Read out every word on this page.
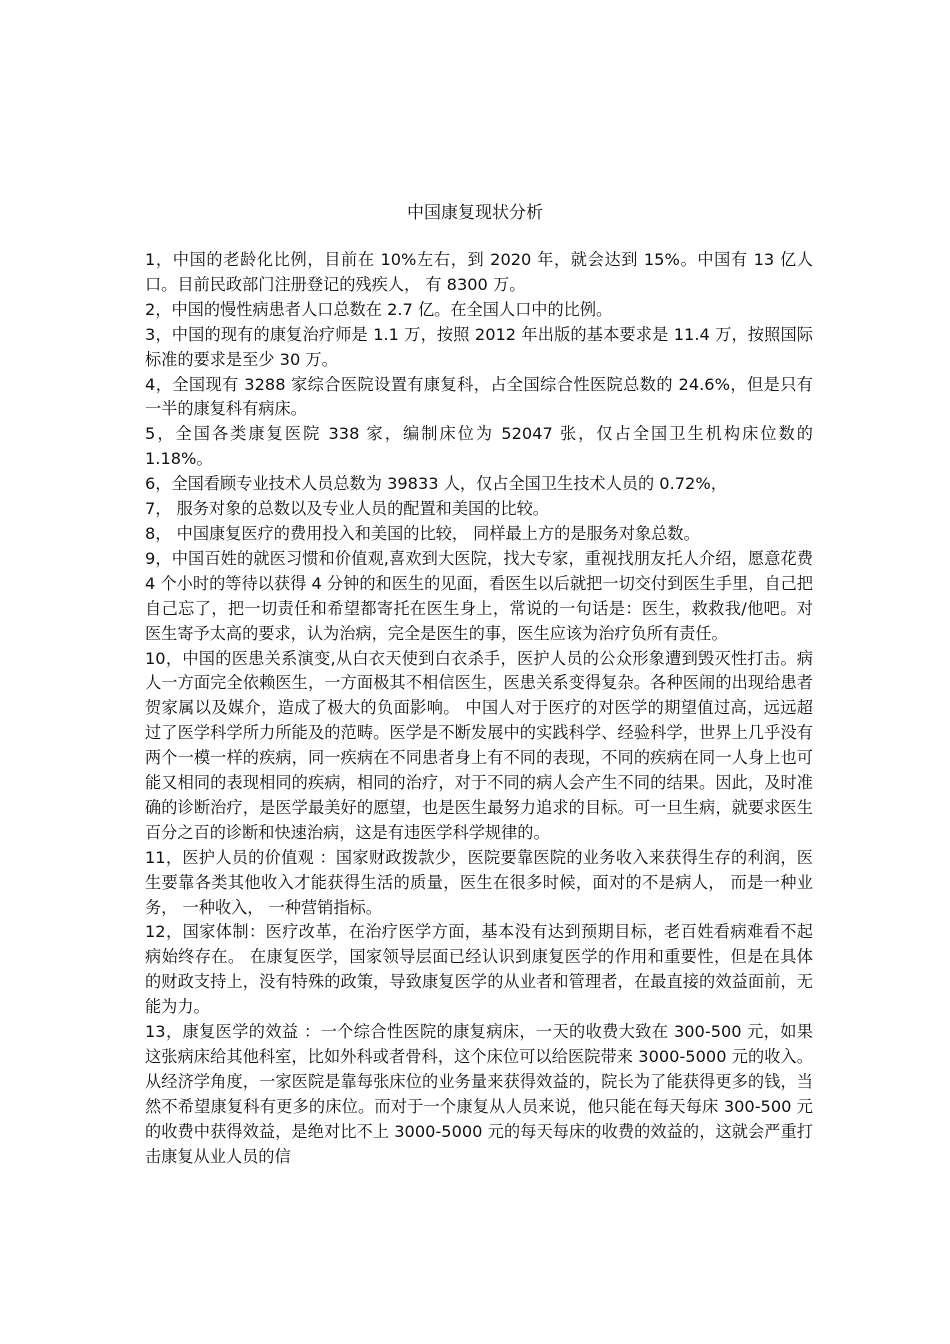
中国康复现状分析

1，中国的老龄化比例，目前在 10%左右，到 2020 年，就会达到 15%。中国有 13 亿人口。目前民政部门注册登记的残疾人， 有 8300 万。

2，中国的慢性病患者人口总数在 2.7 亿。在全国人口中的比例。

3，中国的现有的康复治疗师是 1.1 万，按照 2012 年出版的基本要求是 11.4 万，按照国际标准的要求是至少 30 万。

4，全国现有 3288 家综合医院设置有康复科，占全国综合性医院总数的 24.6%，但是只有一半的康复科有病床。

5，全国各类康复医院 338 家，编制床位为 52047 张，仅占全国卫生机构床位数的 1.18%。

6，全国看顾专业技术人员总数为 39833 人，仅占全国卫生技术人员的 0.72%，

7， 服务对象的总数以及专业人员的配置和美国的比较。

8， 中国康复医疗的费用投入和美国的比较， 同样最上方的是服务对象总数。

9，中国百姓的就医习惯和价值观,喜欢到大医院，找大专家，重视找朋友托人介绍，愿意花费 4 个小时的等待以获得 4 分钟的和医生的见面，看医生以后就把一切交付到医生手里，自己把自己忘了，把一切责任和希望都寄托在医生身上，常说的一句话是：医生，救救我/他吧。对医生寄予太高的要求，认为治病，完全是医生的事，医生应该为治疗负所有责任。

10，中国的医患关系演变,从白衣天使到白衣杀手，医护人员的公众形象遭到毁灭性打击。病人一方面完全依赖医生，一方面极其不相信医生，医患关系变得复杂。各种医闹的出现给患者贺家属以及媒介，造成了极大的负面影响。 中国人对于医疗的对医学的期望值过高，远远超过了医学科学所力所能及的范畴。医学是不断发展中的实践科学、经验科学，世界上几乎没有两个一模一样的疾病，同一疾病在不同患者身上有不同的表现，不同的疾病在同一人身上也可能又相同的表现相同的疾病，相同的治疗，对于不同的病人会产生不同的结果。因此，及时准确的诊断治疗，是医学最美好的愿望，也是医生最努力追求的目标。可一旦生病，就要求医生百分之百的诊断和快速治病，这是有违医学科学规律的。

11，医护人员的价值观 ：国家财政拨款少，医院要靠医院的业务收入来获得生存的利润，医生要靠各类其他收入才能获得生活的质量，医生在很多时候，面对的不是病人， 而是一种业务， 一种收入， 一种营销指标。

12，国家体制：医疗改革，在治疗医学方面，基本没有达到预期目标，老百姓看病难看不起病始终存在。 在康复医学，国家领导层面已经认识到康复医学的作用和重要性，但是在具体的财政支持上，没有特殊的政策，导致康复医学的从业者和管理者，在最直接的效益面前，无能为力。

13，康复医学的效益 ：一个综合性医院的康复病床，一天的收费大致在 300-500 元，如果这张病床给其他科室，比如外科或者骨科，这个床位可以给医院带来 3000-5000 元的收入。从经济学角度，一家医院是靠每张床位的业务量来获得效益的，院长为了能获得更多的钱，当然不希望康复科有更多的床位。而对于一个康复从人员来说，他只能在每天每床 300-500 元的收费中获得效益，是绝对比不上 3000-5000 元的每天每床的收费的效益的，这就会严重打击康复从业人员的信
